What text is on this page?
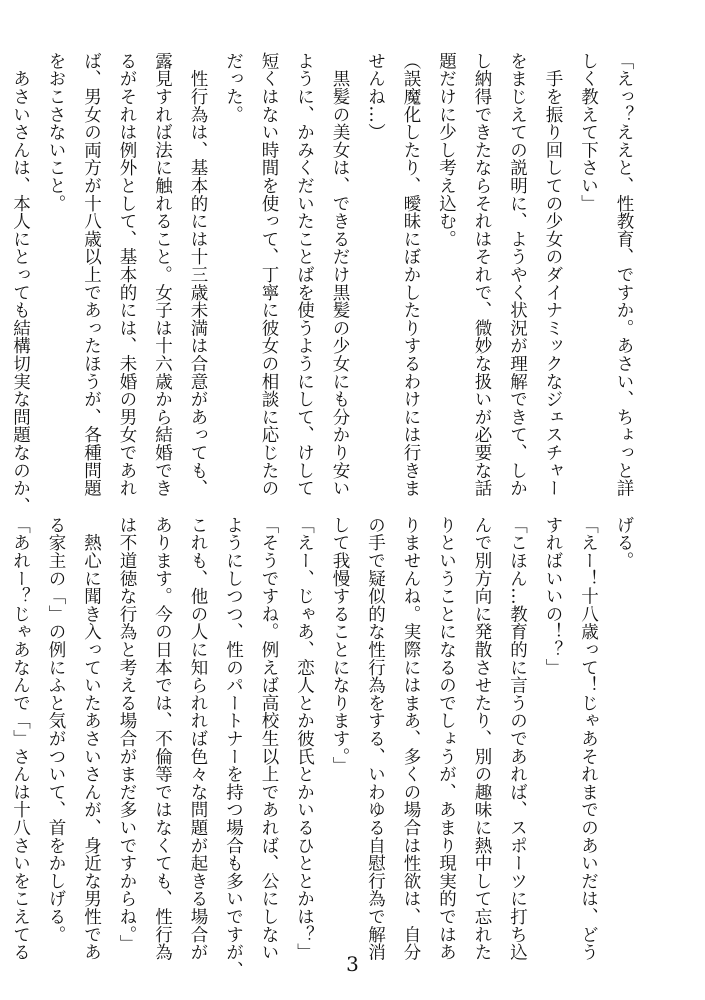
「えっ？ええと、性教育、ですか。あさい、ちょっと詳
しく教えて下さい」
　手を振り回しての少女のダイナミックなジェスチャー
をまじえての説明に、ようやく状況が理解できて、しか
し納得できたならそれはそれで、微妙な扱いが必要な話
題だけに少し考え込む。
（誤魔化したり、曖昧にぼかしたりするわけには行きま
せんね…）
　黒髪の美女は、できるだけ黒髪の少女にも分かり安い
ように、かみくだいたことばを使うようにして、けして
短くはない時間を使って、丁寧に彼女の相談に応じたの
だった。
　性行為は、基本的には十三歳未満は合意があっても、
露見すれば法に触れること。女子は十六歳から結婚でき
るがそれは例外として、基本的には、未婚の男女であれ
ば、男女の両方が十八歳以上であったほうが、各種問題
をおこさないこと。
　あさいさんは、本人にとっても結構切実な問題なのか、
げる。
「えー！十八歳って！じゃあそれまでのあいだは、どう
すればいいの！？」
「こほん…教育的に言うのであれば、スポーツに打ち込
んで別方向に発散させたり、別の趣味に熱中して忘れた
りということになるのでしょうが、あまり現実的ではあ
りませんね。実際にはまあ、多くの場合は性欲は、自分
の手で疑似的な性行為をする、いわゆる自慰行為で解消
して我慢することになります。」
「えー、じゃあ、恋人とか彼氏とかいるひととかは？」
「そうですね。例えば高校生以上であれば、公にしない
ようにしつつ、性のパートナーを持つ場合も多いですが、
これも、他の人に知られれば色々な問題が起きる場合が
あります。今の日本では、不倫等ではなくても、性行為
は不道徳な行為と考える場合がまだ多いですからね。」
　熱心に聞き入っていたあさいさんが、身近な男性であ
る家主の「」の例にふと気がついて、首をかしげる。
「あれー？じゃあなんで「」さんは十八さいをこえてる
3
